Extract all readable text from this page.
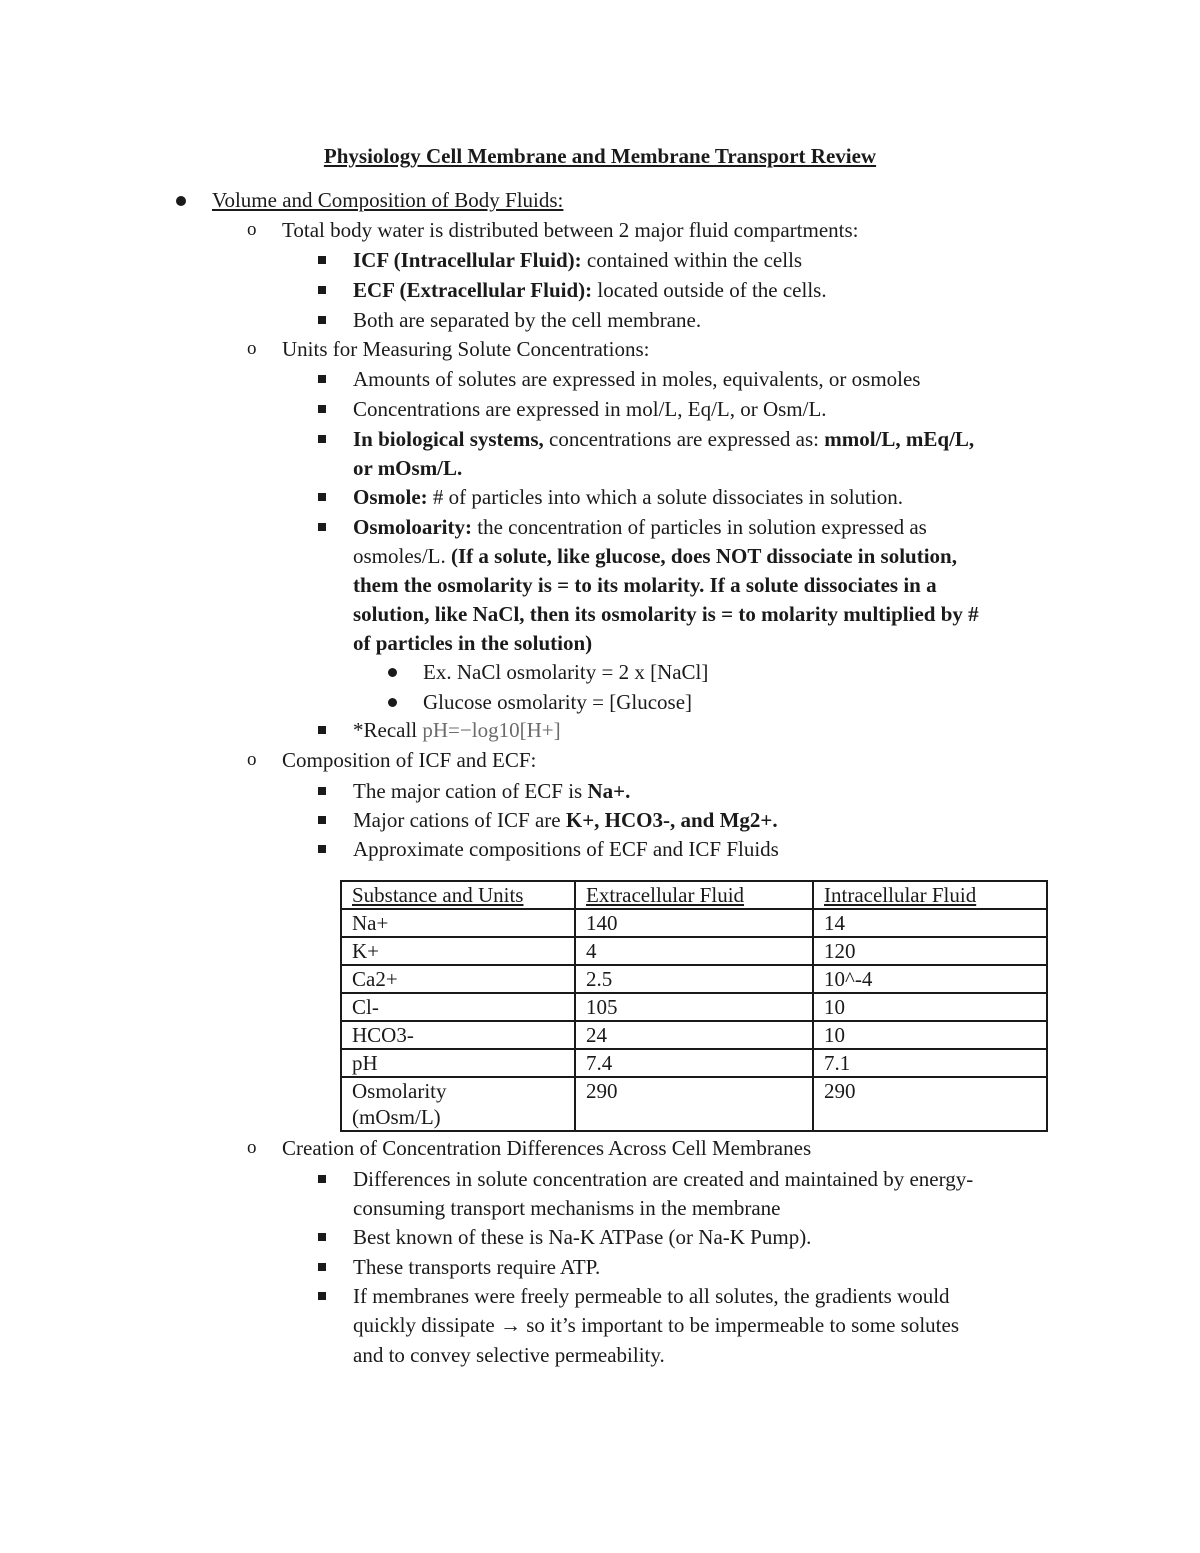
Physiology Cell Membrane and Membrane Transport Review
Volume and Composition of Body Fluids:
o Total body water is distributed between 2 major fluid compartments:
ICF (Intracellular Fluid): contained within the cells
ECF (Extracellular Fluid): located outside of the cells.
Both are separated by the cell membrane.
o Units for Measuring Solute Concentrations:
Amounts of solutes are expressed in moles, equivalents, or osmoles
Concentrations are expressed in mol/L, Eq/L, or Osm/L.
In biological systems, concentrations are expressed as: mmol/L, mEq/L,
or mOsm/L.
Osmole: # of particles into which a solute dissociates in solution.
Osmoloarity: the concentration of particles in solution expressed as
osmoles/L. (If a solute, like glucose, does NOT dissociate in solution,
them the osmolarity is = to its molarity. If a solute dissociates in a
solution, like NaCl, then its osmolarity is = to molarity multiplied by #
of particles in the solution)
Ex. NaCl osmolarity = 2 x [NaCl]
Glucose osmolarity = [Glucose]
*Recall pH=−log10[H+]
o Composition of ICF and ECF:
The major cation of ECF is Na+.
Major cations of ICF are K+, HCO3-, and Mg2+.
Approximate compositions of ECF and ICF Fluids
Substance and Units	Extracellular Fluid	Intracellular Fluid
Na+	140	14
K+	4	120
Ca2+	2.5	10^-4
Cl-	105	10
HCO3-	24	10
pH	7.4	7.1
Osmolarity
(mOsm/L)	290	290
o Creation of Concentration Differences Across Cell Membranes
Differences in solute concentration are created and maintained by energy-
consuming transport mechanisms in the membrane
Best known of these is Na-K ATPase (or Na-K Pump).
These transports require ATP.
If membranes were freely permeable to all solutes, the gradients would
quickly dissipate → so it’s important to be impermeable to some solutes
and to convey selective permeability.
